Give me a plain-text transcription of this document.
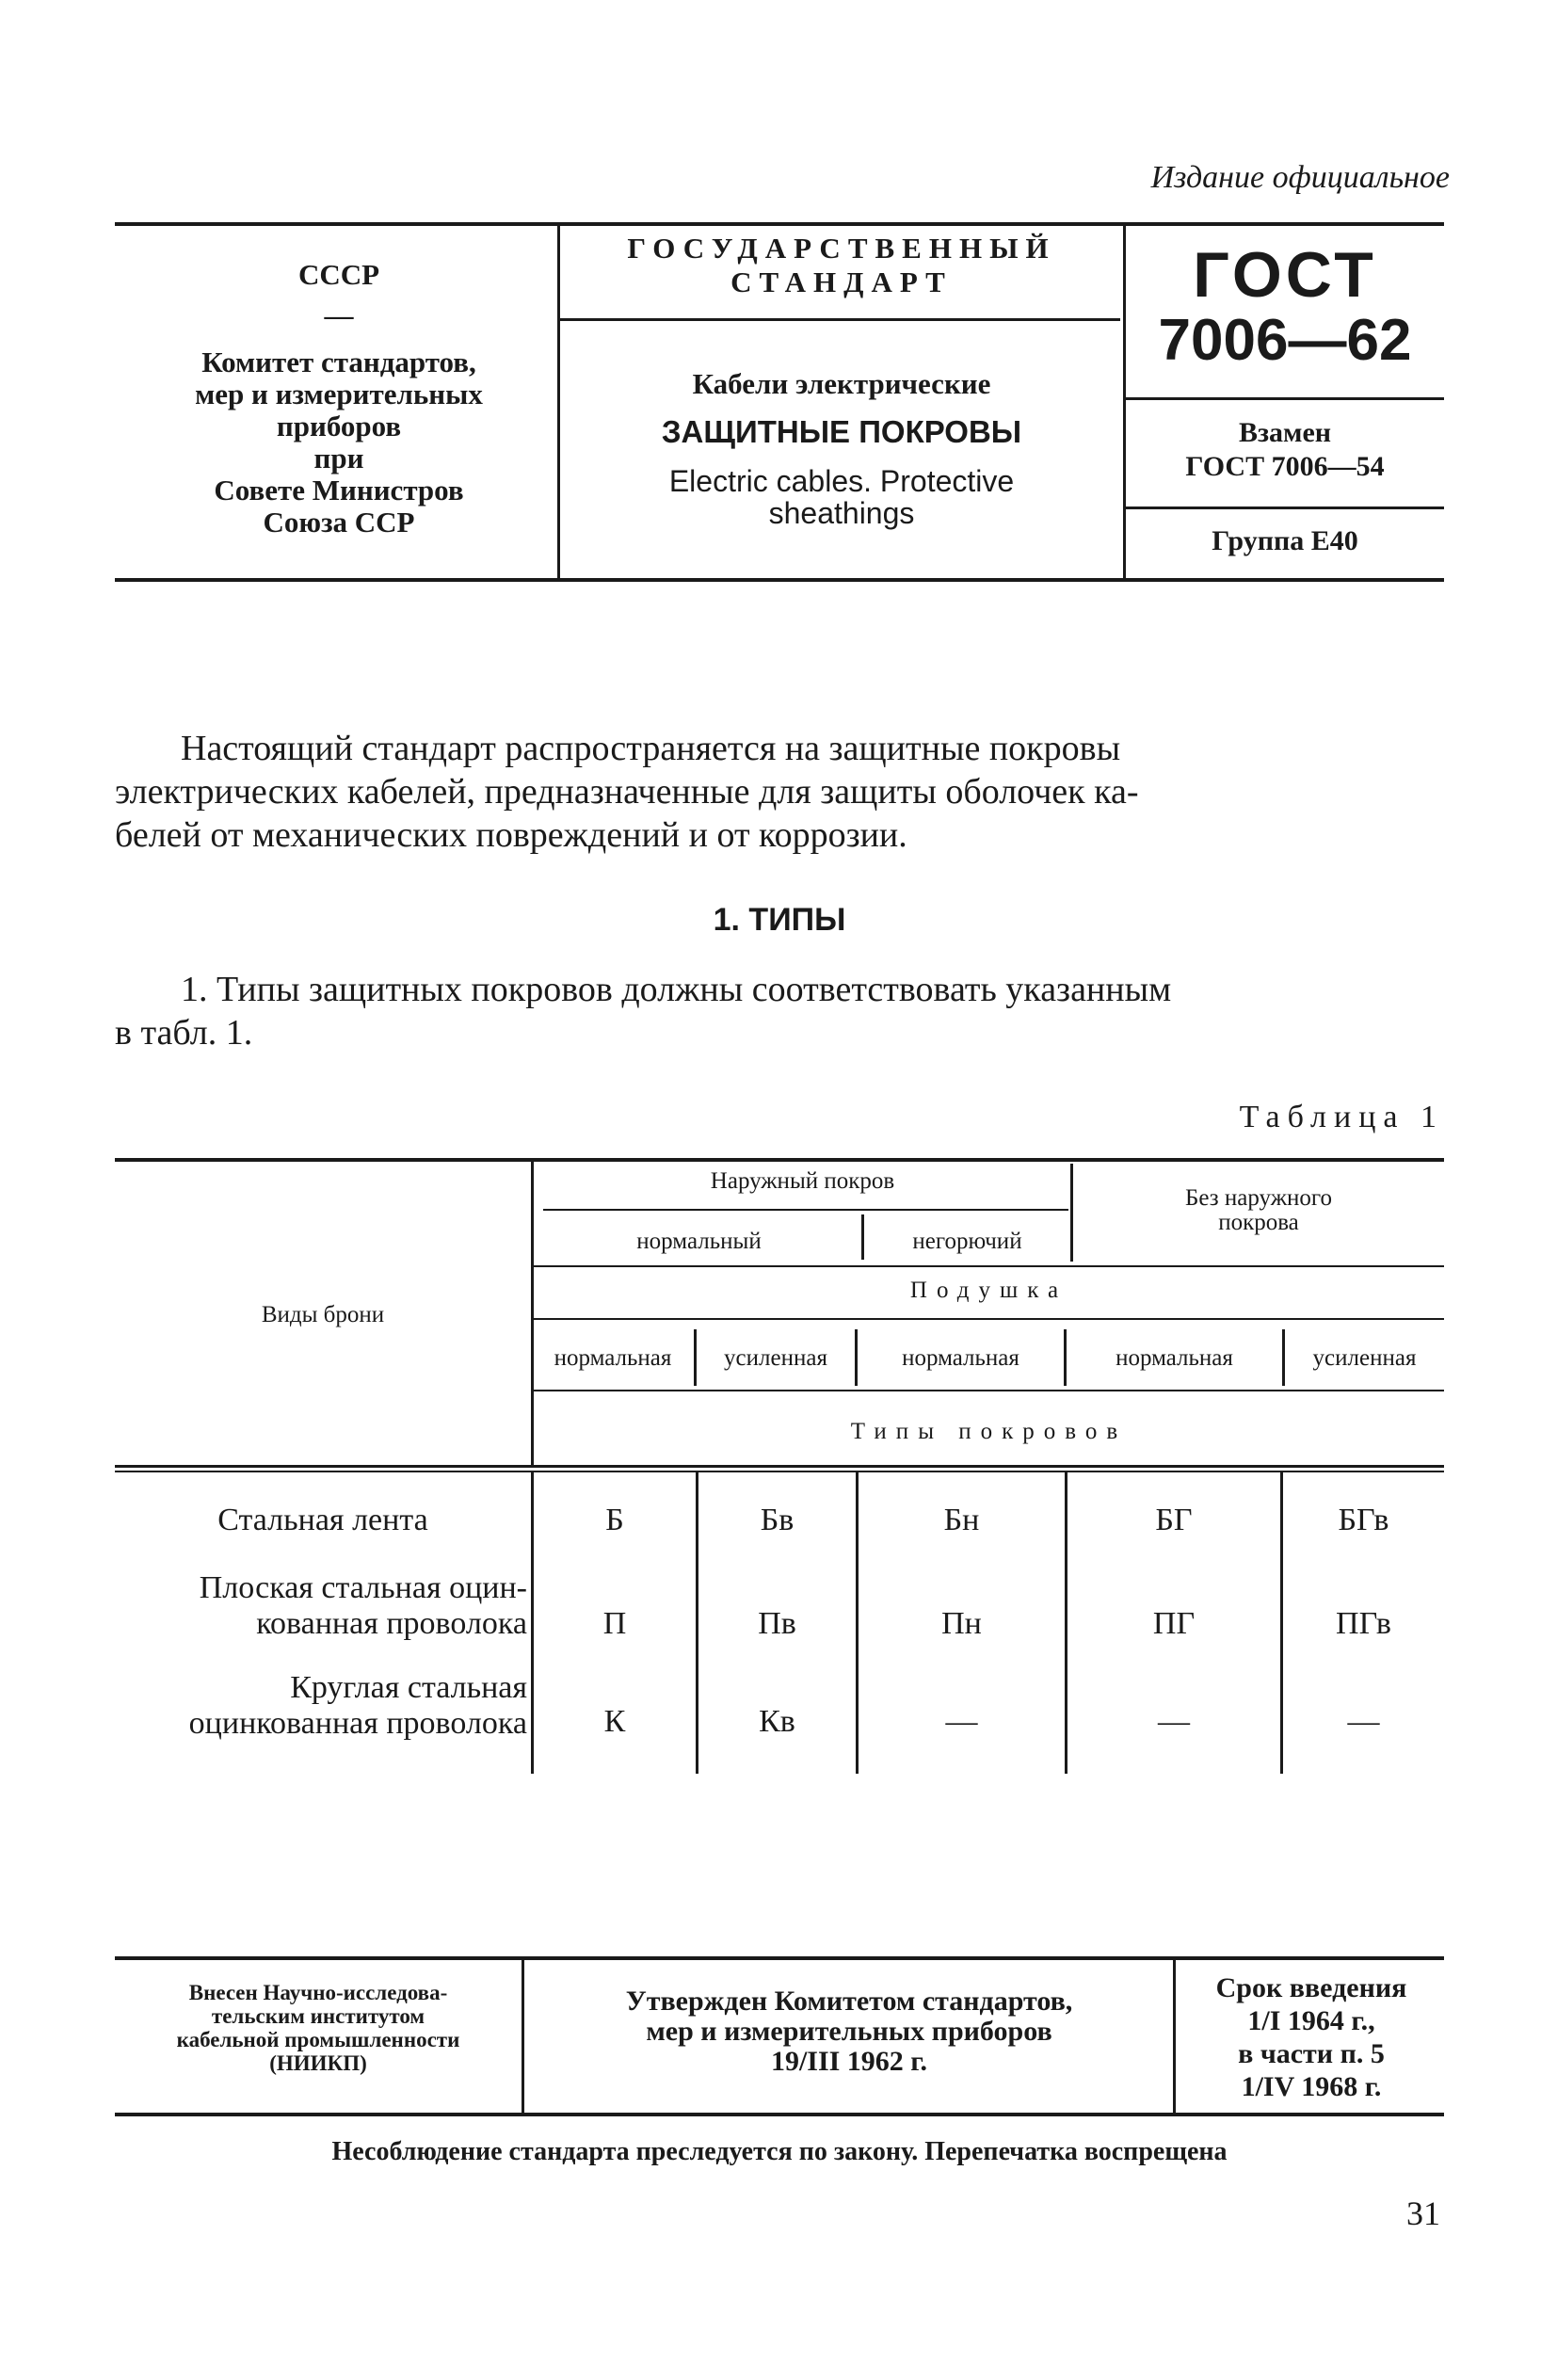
Издание официальное
СССР
—
Комитет стандартов,
мер и измерительных
приборов
при
Совете Министров
Союза ССР
ГОСУДАРСТВЕННЫЙ
СТАНДАРТ
Кабели электрические
ЗАЩИТНЫЕ ПОКРОВЫ
Electric cables. Protective
sheathings
ГОСТ
7006—62
Взамен
ГОСТ 7006—54
Группа Е40
Настоящий стандарт распространяется на защитные покровы
электрических кабелей, предназначенные для защиты оболочек ка-
белей от механических повреждений и от коррозии.
1. ТИПЫ
1. Типы защитных покровов должны соответствовать указанным
в табл. 1.
Таблица 1
Виды брони
Наружный покров
нормальный	негорючий
Без наружного
покрова
Подушка
нормальная	усиленная	нормальная	нормальная	усиленная
Типы покровов
Стальная лента	Б	Бв	Бн	БГ	БГв
Плоская стальная оцин-
кованная проволока	П	Пв	Пн	ПГ	ПГв
Круглая стальная
оцинкованная проволока	К	Кв	—	—	—
Внесен Научно-исследова-
тельским институтом
кабельной промышленности
(НИИКП)
Утвержден Комитетом стандартов,
мер и измерительных приборов
19/III 1962 г.
Срок введения
1/I 1964 г.,
в части п. 5
1/IV 1968 г.
Несоблюдение стандарта преследуется по закону. Перепечатка воспрещена
31
